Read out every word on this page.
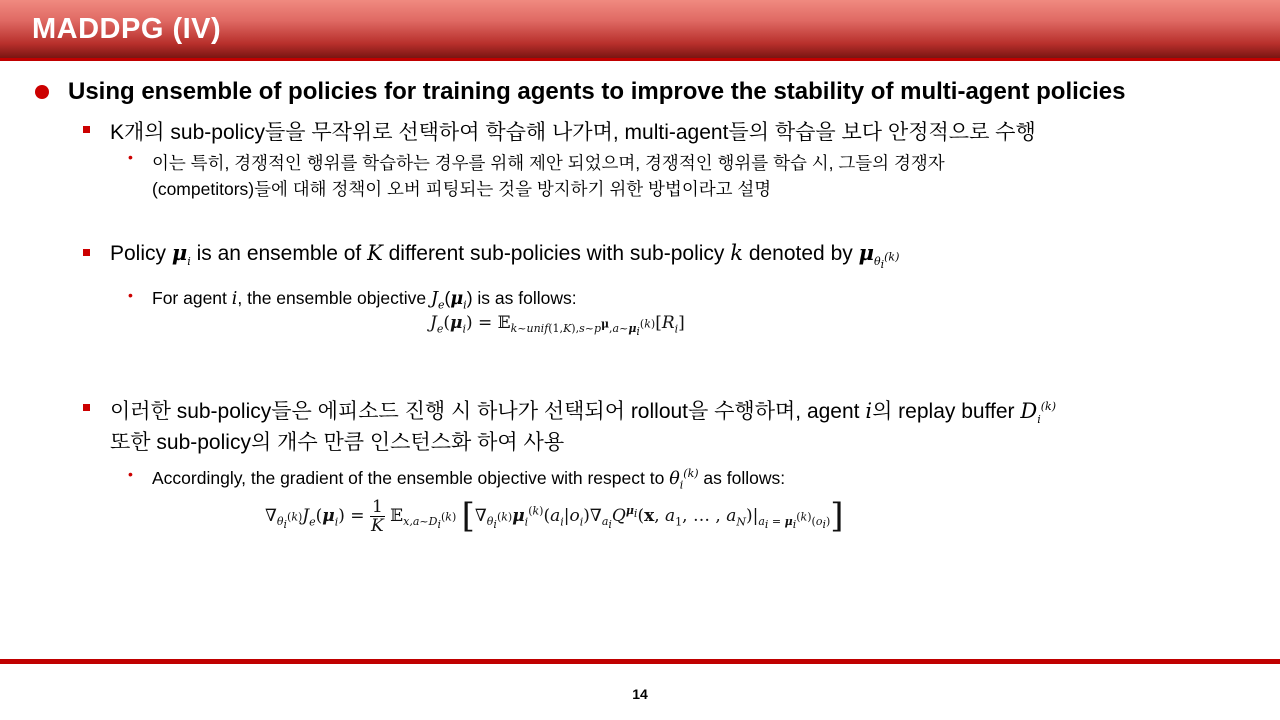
MADDPG (IV)
Using ensemble of policies for training agents to improve the stability of multi-agent policies
K개의 sub-policy들을 무작위로 선택하여 학습해 나가며, multi-agent들의 학습을 보다 안정적으로 수행
• 이는 특히, 경쟁적인 행위를 학습하는 경우를 위해 제안 되었으며, 경쟁적인 행위를 학습 시, 그들의 경쟁자
(competitors)들에 대해 정책이 오버 피팅되는 것을 방지하기 위한 방법이라고 설명
Policy $\mu_i$ is an ensemble of K different sub-policies with sub-policy k denoted by $\mu_{\theta_i^{(k)}}$
• For agent i, the ensemble objective $J_e(\mu_i)$ is as follows:
$J_e(\mu_i)$ = $𝔼_{k\sim unif(1,K),s\sim p^\mu,a\sim\mu_i^{(k)}}[R_i]$
이러한 sub-policy들은 에피소드 진행 시 하나가 선택되어 rollout을 수행하며, agent i의 replay buffer $D_i^{(k)}$
또한 sub-policy의 개수 만큼 인스턴스화 하여 사용
• Accordingly, the gradient of the ensemble objective with respect to $\theta_i^{(k)}$ as follows:
$\nabla_{\theta_i^{(k)}}J_e(\mu_i) = \frac{1}{K}$ 𝔼$_{x,a\sim D_i^{(k)}}$ [$\nabla_{\theta_i^{(k)}}\mu_i^{(k)}(a_i|o_i)\nabla_{a_i}Q^{\mu_i}(x$, $a_1$, … , $a_N)|_{a_i = \mu_i^{(k)}(o_i)}$]
14
